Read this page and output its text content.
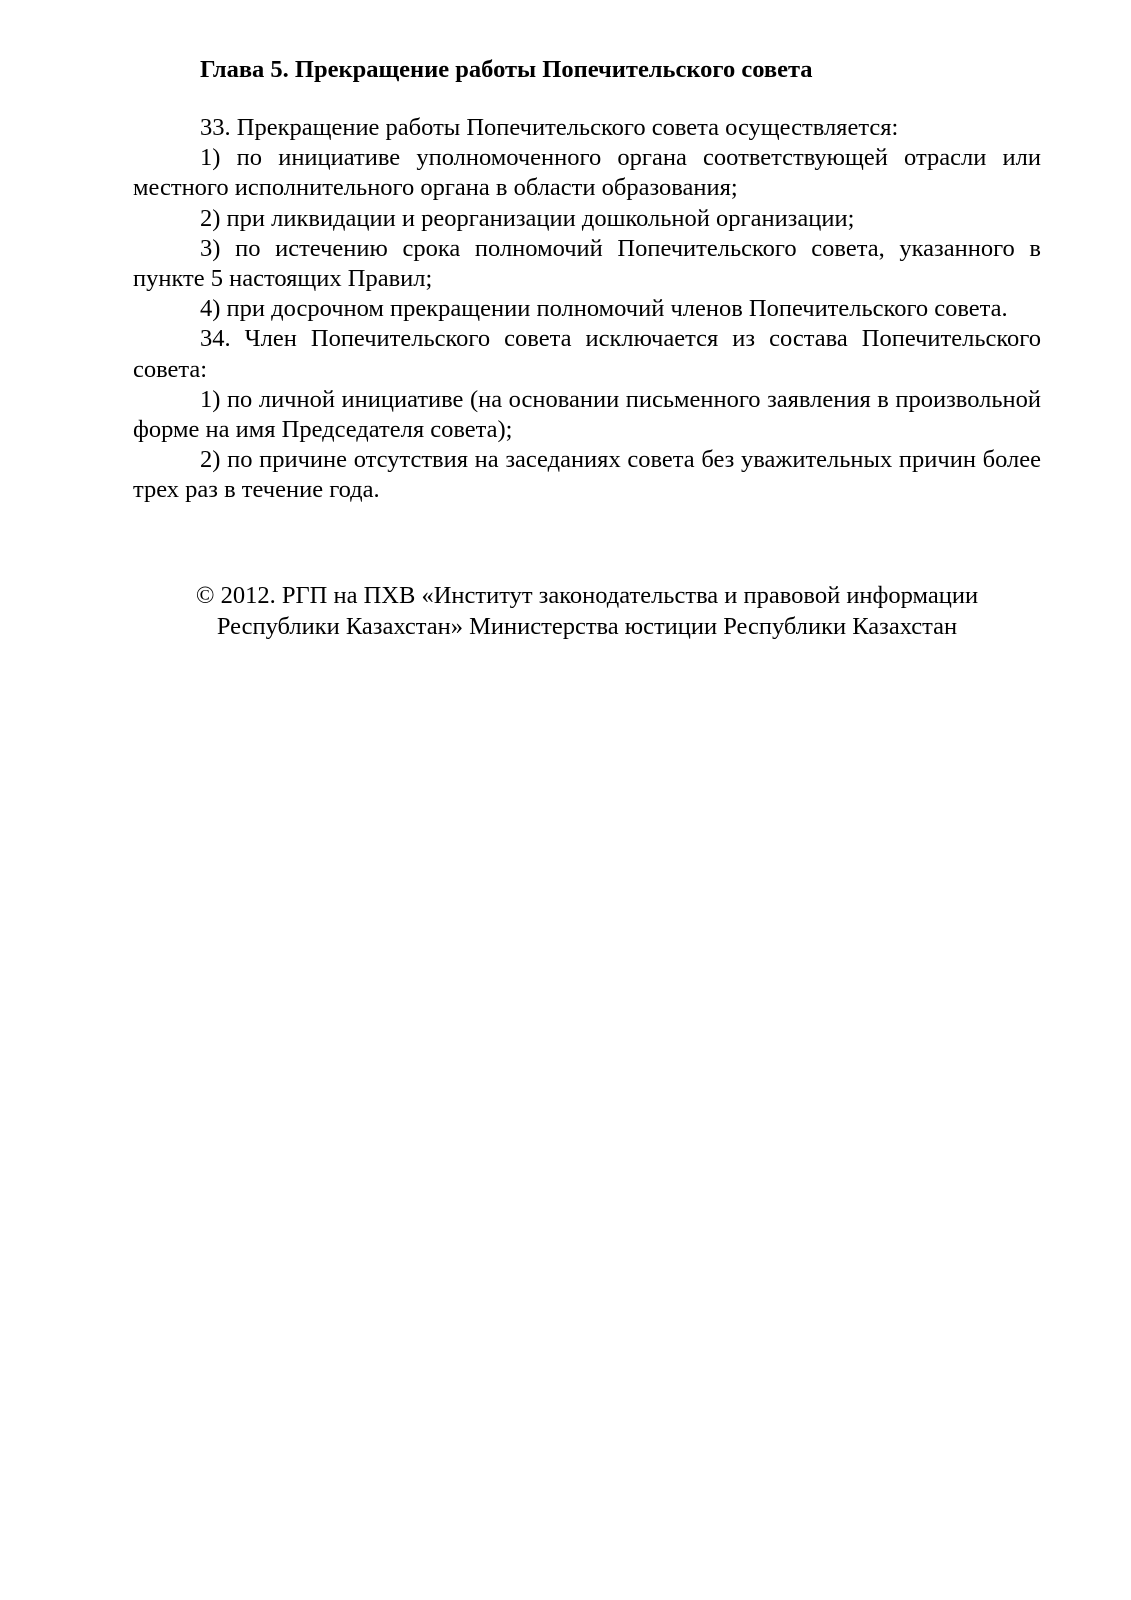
Глава 5. Прекращение работы Попечительского совета

33. Прекращение работы Попечительского совета осуществляется:

1) по инициативе уполномоченного органа соответствующей отрасли или местного исполнительного органа в области образования;

2) при ликвидации и реорганизации дошкольной организации;

3) по истечению срока полномочий Попечительского совета, указанного в пункте 5 настоящих Правил;

4) при досрочном прекращении полномочий членов Попечительского совета.

34. Член Попечительского совета исключается из состава Попечительского совета:

1) по личной инициативе (на основании письменного заявления в произвольной форме на имя Председателя совета);

2) по причине отсутствия на заседаниях совета без уважительных причин более трех раз в течение года.

© 2012. РГП на ПХВ «Институт законодательства и правовой информации
Республики Казахстан» Министерства юстиции Республики Казахстан
